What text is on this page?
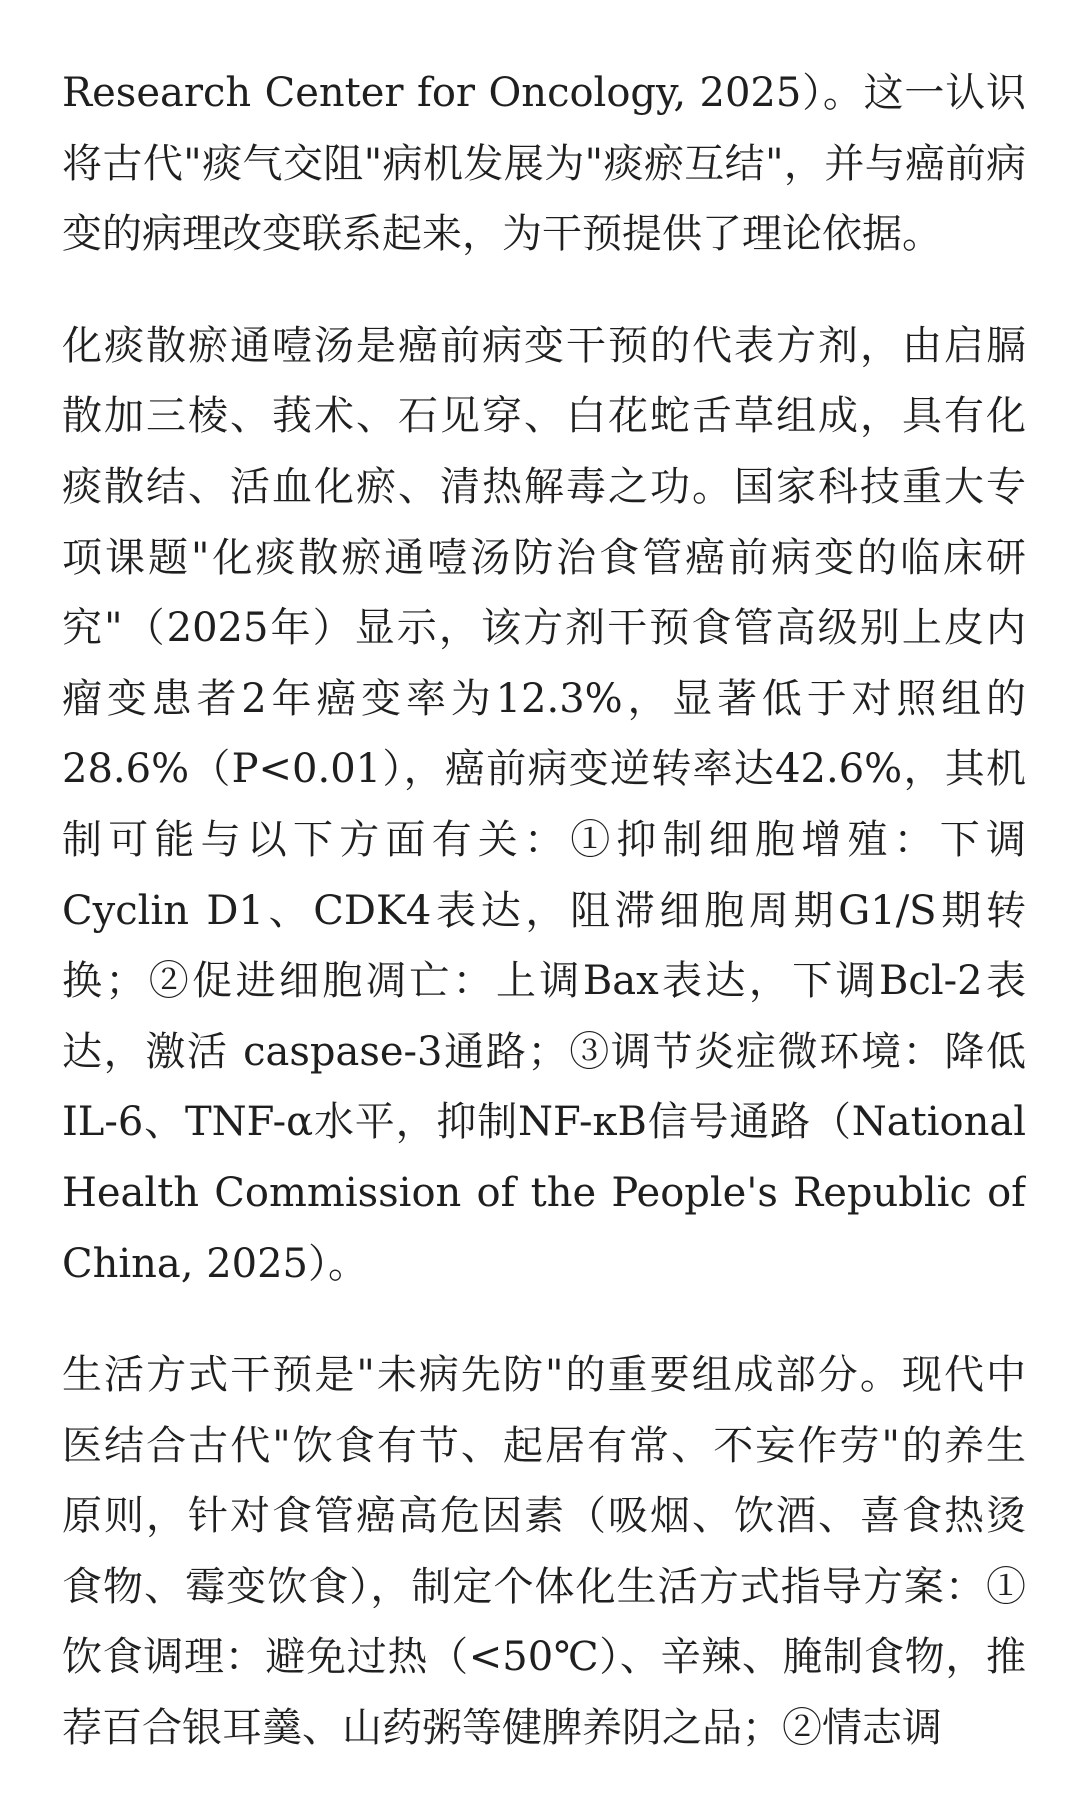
Research Center for Oncology, 2025）。这一认识
将古代"痰气交阻"病机发展为"痰瘀互结"，并与癌前病
变的病理改变联系起来，为干预提供了理论依据。
化痰散瘀通噎汤是癌前病变干预的代表方剂，由启膈
散加三棱、莪术、石见穿、白花蛇舌草组成，具有化
痰散结、活血化瘀、清热解毒之功。国家科技重大专
项课题"化痰散瘀通噎汤防治食管癌前病变的临床研
究"（2025年）显示，该方剂干预食管高级别上皮内
瘤变患者2年癌变率为12.3%，显著低于对照组的
28.6%（P<0.01），癌前病变逆转率达42.6%，其机
制可能与以下方面有关：①抑制细胞增殖：下调
Cyclin D1、CDK4表达，阻滞细胞周期G1/S期转
换；②促进细胞凋亡：上调Bax表达，下调Bcl-2表
达，激活 caspase-3通路；③调节炎症微环境：降低
IL-6、TNF-α水平，抑制NF-κB信号通路（National
Health Commission of the People's Republic of
China, 2025）。
生活方式干预是"未病先防"的重要组成部分。现代中
医结合古代"饮食有节、起居有常、不妄作劳"的养生
原则，针对食管癌高危因素（吸烟、饮酒、喜食热烫
食物、霉变饮食），制定个体化生活方式指导方案：①
饮食调理：避免过热（<50℃）、辛辣、腌制食物，推
荐百合银耳羹、山药粥等健脾养阴之品；②情志调
